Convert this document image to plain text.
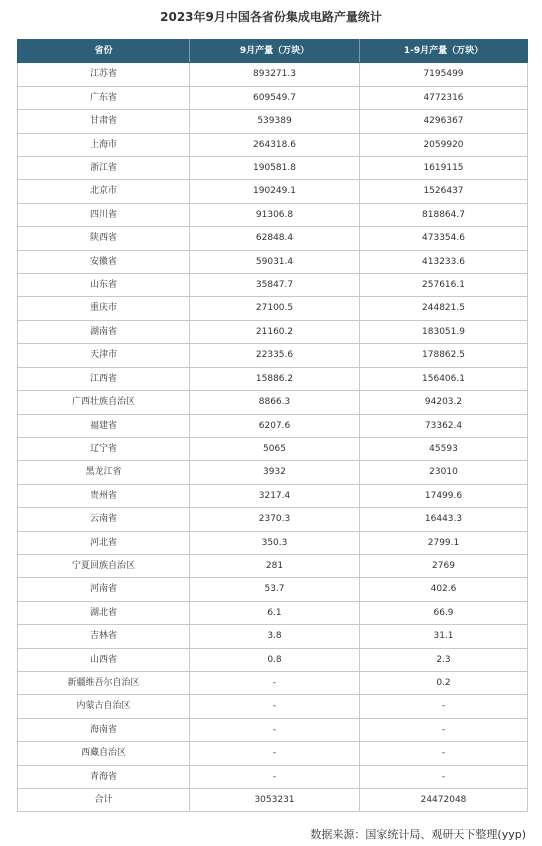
2023年9月中国各省份集成电路产量统计
省份	9月产量（万块）	1-9月产量（万块）
江苏省	893271.3	7195499
广东省	609549.7	4772316
甘肃省	539389	4296367
上海市	264318.6	2059920
浙江省	190581.8	1619115
北京市	190249.1	1526437
四川省	91306.8	818864.7
陕西省	62848.4	473354.6
安徽省	59031.4	413233.6
山东省	35847.7	257616.1
重庆市	27100.5	244821.5
湖南省	21160.2	183051.9
天津市	22335.6	178862.5
江西省	15886.2	156406.1
广西壮族自治区	8866.3	94203.2
福建省	6207.6	73362.4
辽宁省	5065	45593
黑龙江省	3932	23010
贵州省	3217.4	17499.6
云南省	2370.3	16443.3
河北省	350.3	2799.1
宁夏回族自治区	281	2769
河南省	53.7	402.6
湖北省	6.1	66.9
吉林省	3.8	31.1
山西省	0.8	2.3
新疆维吾尔自治区	-	0.2
内蒙古自治区	-	-
海南省	-	-
西藏自治区	-	-
青海省	-	-
合计	3053231	24472048
数据来源：国家统计局、观研天下整理(yyp)
